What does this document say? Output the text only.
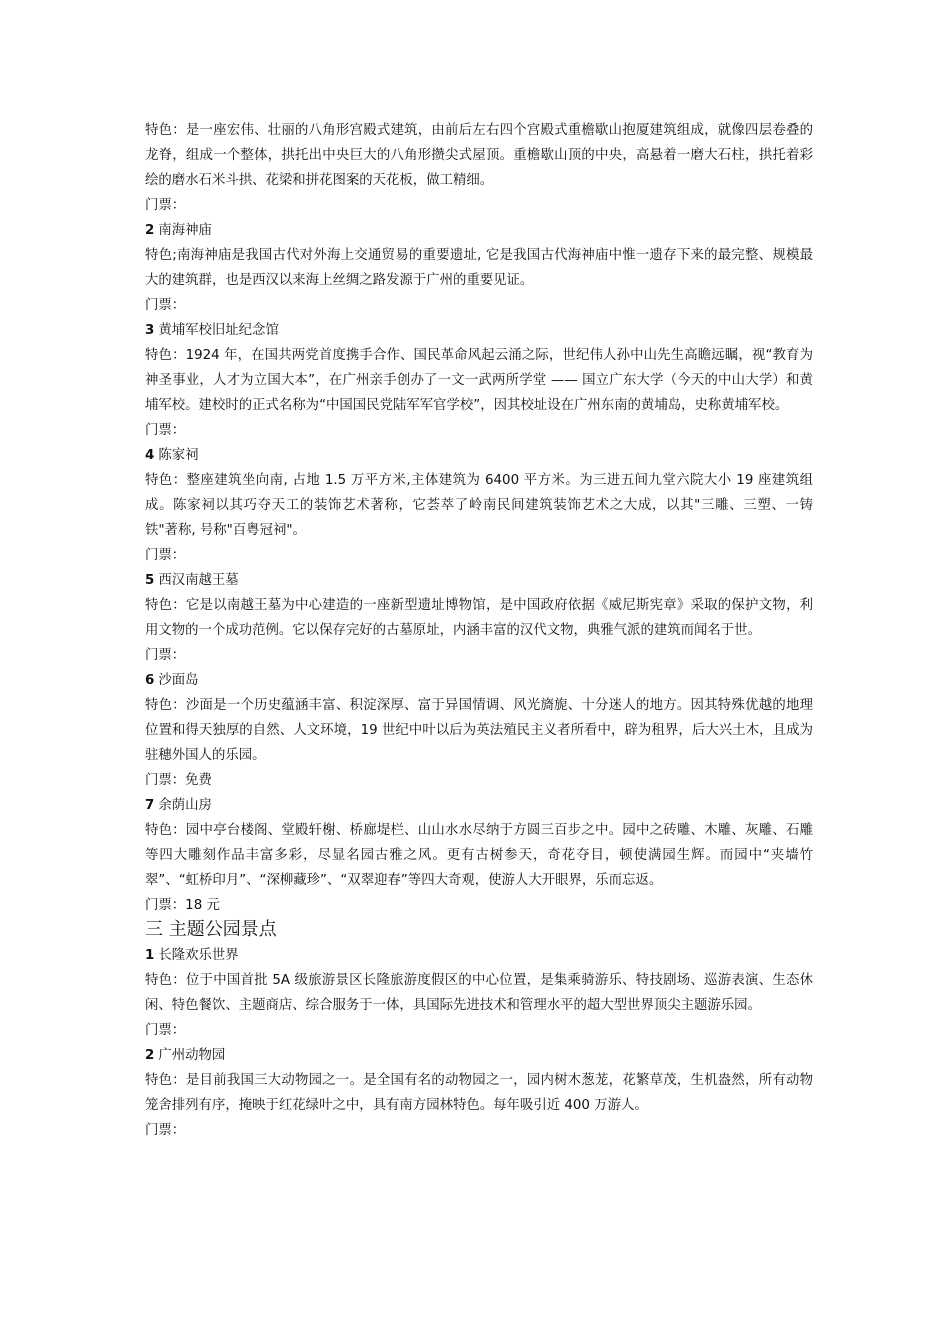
特色：是一座宏伟、壮丽的八角形宫殿式建筑，由前后左右四个宫殿式重檐歇山抱厦建筑组成，就像四层卷叠的龙脊，组成一个整体，拱托出中央巨大的八角形攒尖式屋顶。重檐歇山顶的中央，高悬着一磨大石柱，拱托着彩绘的磨水石米斗拱、花梁和拼花图案的天花板，做工精细。
门票：
2 南海神庙
特色;南海神庙是我国古代对外海上交通贸易的重要遗址, 它是我国古代海神庙中惟一遗存下来的最完整、规模最大的建筑群，也是西汉以来海上丝绸之路发源于广州的重要见证。
门票：
3 黄埔军校旧址纪念馆
特色：1924 年，在国共两党首度携手合作、国民革命风起云涌之际，世纪伟人孙中山先生高瞻远瞩，视“教育为神圣事业，人才为立国大本”，在广州亲手创办了一文一武两所学堂 —— 国立广东大学（今天的中山大学）和黄埔军校。建校时的正式名称为“中国国民党陆军军官学校”，因其校址设在广州东南的黄埔岛，史称黄埔军校。
门票：
4 陈家祠
特色：整座建筑坐向南, 占地 1.5 万平方米,主体建筑为 6400 平方米。为三进五间九堂六院大小 19 座建筑组成。陈家祠以其巧夺天工的装饰艺术著称，它荟萃了岭南民间建筑装饰艺术之大成，以其"三雕、三塑、一铸铁"著称, 号称"百粤冠祠"。
门票：
5 西汉南越王墓
特色：它是以南越王墓为中心建造的一座新型遗址博物馆，是中国政府依据《威尼斯宪章》采取的保护文物，利用文物的一个成功范例。它以保存完好的古墓原址，内涵丰富的汉代文物，典雅气派的建筑而闻名于世。
门票：
6 沙面岛
特色：沙面是一个历史蕴涵丰富、积淀深厚、富于异国情调、风光旖旎、十分迷人的地方。因其特殊优越的地理位置和得天独厚的自然、人文环境，19 世纪中叶以后为英法殖民主义者所看中，辟为租界，后大兴土木，且成为驻穗外国人的乐园。
门票：免费
7 余荫山房
特色：园中亭台楼阁、堂殿轩榭、桥廊堤栏、山山水水尽纳于方圆三百步之中。园中之砖雕、木雕、灰雕、石雕等四大雕刻作品丰富多彩，尽显名园古雅之风。更有古树参天，奇花夺目，顿使满园生辉。而园中“夹墙竹翠”、“虹桥印月”、“深柳藏珍”、“双翠迎春”等四大奇观，使游人大开眼界，乐而忘返。
门票：18 元
三 主题公园景点
1 长隆欢乐世界
特色：位于中国首批 5A 级旅游景区长隆旅游度假区的中心位置，是集乘骑游乐、特技剧场、巡游表演、生态休闲、特色餐饮、主题商店、综合服务于一体，具国际先进技术和管理水平的超大型世界顶尖主题游乐园。
门票：
2 广州动物园
特色：是目前我国三大动物园之一。是全国有名的动物园之一，园内树木葱茏，花繁草茂，生机盎然，所有动物笼舍排列有序，掩映于红花绿叶之中，具有南方园林特色。每年吸引近 400 万游人。
门票：
